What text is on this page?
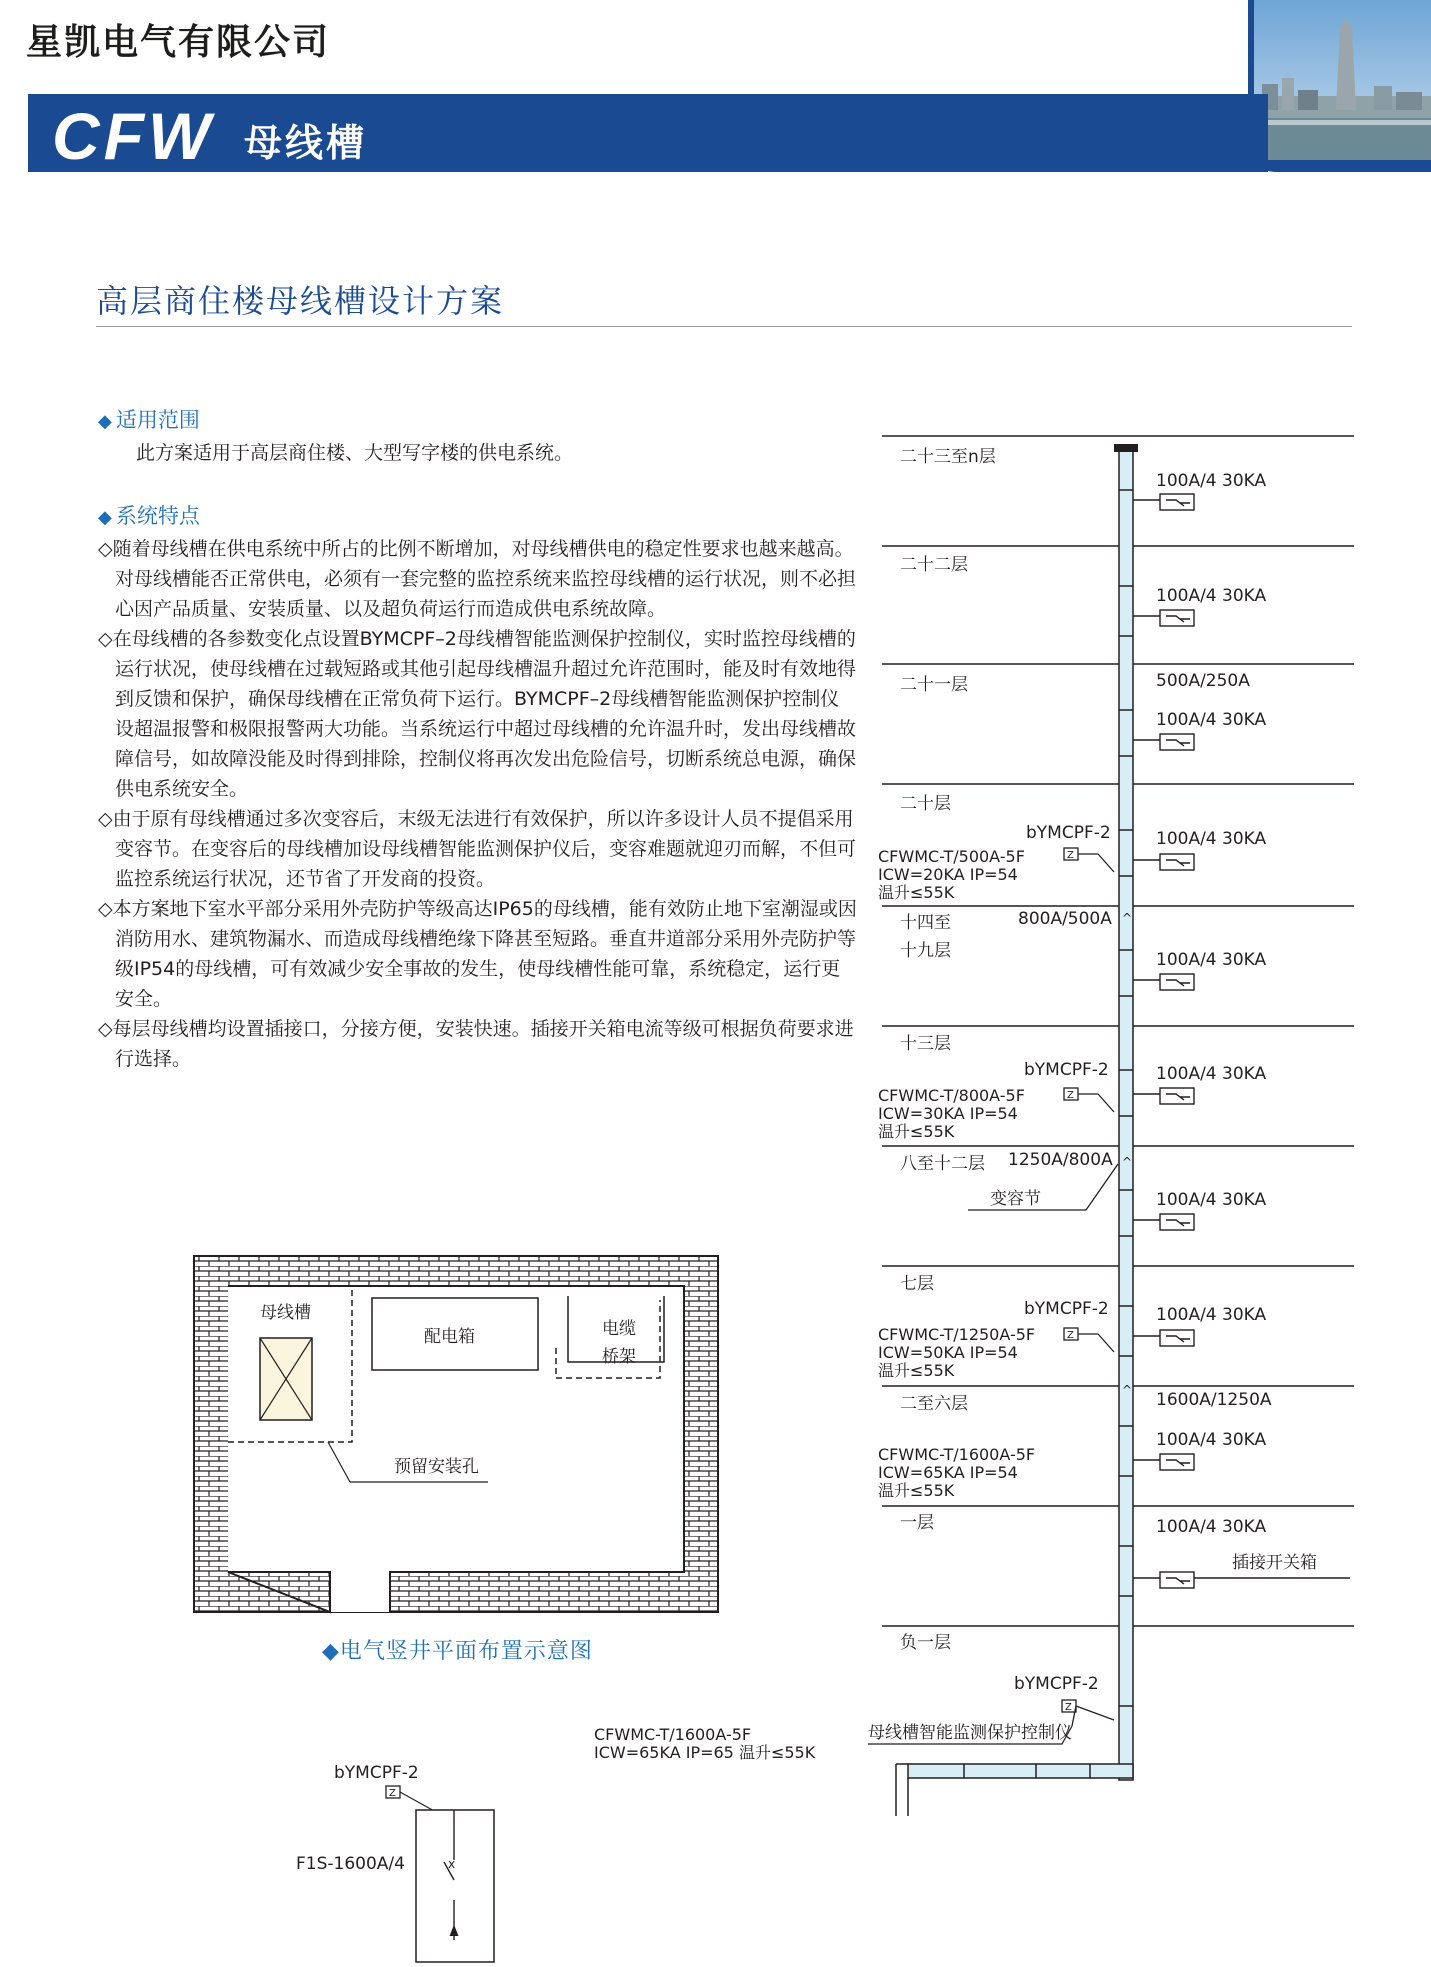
星凯电气有限公司
CFW 母线槽
高层商住楼母线槽设计方案
◆ 适用范围
此方案适用于高层商住楼、大型写字楼的供电系统。
◆ 系统特点

◇随着母线槽在供电系统中所占的比例不断增加，对母线槽供电的稳定性要求也越来越高。对母线槽能否正常供电，必须有一套完整的监控系统来监控母线槽的运行状况，则不必担心因产品质量、安装质量、以及超负荷运行而造成供电系统故障。

◇在母线槽的各参数变化点设置BYMCPF–2母线槽智能监测保护控制仪，实时监控母线槽的运行状况，使母线槽在过载短路或其他引起母线槽温升超过允许范围时，能及时有效地得到反馈和保护，确保母线槽在正常负荷下运行。BYMCPF–2母线槽智能监测保护控制仪设超温报警和极限报警两大功能。当系统运行中超过母线槽的允许温升时，发出母线槽故障信号，如故障没能及时得到排除，控制仪将再次发出危险信号，切断系统总电源，确保供电系统安全。

◇由于原有母线槽通过多次变容后，末级无法进行有效保护，所以许多设计人员不提倡采用变容节。在变容后的母线槽加设母线槽智能监测保护仪后，变容难题就迎刃而解，不但可监控系统运行状况，还节省了开发商的投资。

◇本方案地下室水平部分采用外壳防护等级高达IP65的母线槽，能有效防止地下室潮湿或因消防用水、建筑物漏水、而造成母线槽绝缘下降甚至短路。垂直井道部分采用外壳防护等级IP54的母线槽，可有效减少安全事故的发生，使母线槽性能可靠，系统稳定，运行更安全。

◇每层母线槽均设置插接口，分接方便，安装快速。插接开关箱电流等级可根据负荷要求进行选择。

母线槽
配电箱	电缆
桥架
预留安装孔
◆电气竖井平面布置示意图
^
^
^
二十三至n层
二十二层
二十一层
二十层
十四至
十九层
十三层
八至十二层
七层
二至六层
一层
负一层
100A/4 30KA
100A/4 30KA
100A/4 30KA
100A/4 30KA
100A/4 30KA
100A/4 30KA
100A/4 30KA
100A/4 30KA
100A/4 30KA
100A/4 30KA
500A/250A
800A/500A
1250A/800A
1600A/1250A
插接开关箱
bYMCPF-2
bYMCPF-2
bYMCPF-2
bYMCPF-2
Z
Z
Z
Z
CFWMC-T/500A-5F
ICW=20KA IP=54
温升≤55K
CFWMC-T/800A-5F
ICW=30KA IP=54
温升≤55K
CFWMC-T/1250A-5F
ICW=50KA IP=54
温升≤55K
CFWMC-T/1600A-5F
ICW=65KA IP=54
温升≤55K
变容节
母线槽智能监测保护控制仪
CFWMC-T/1600A-5F
ICW=65KA IP=65 温升≤55K
bYMCPF-2
Z
x
F1S-1600A/4
